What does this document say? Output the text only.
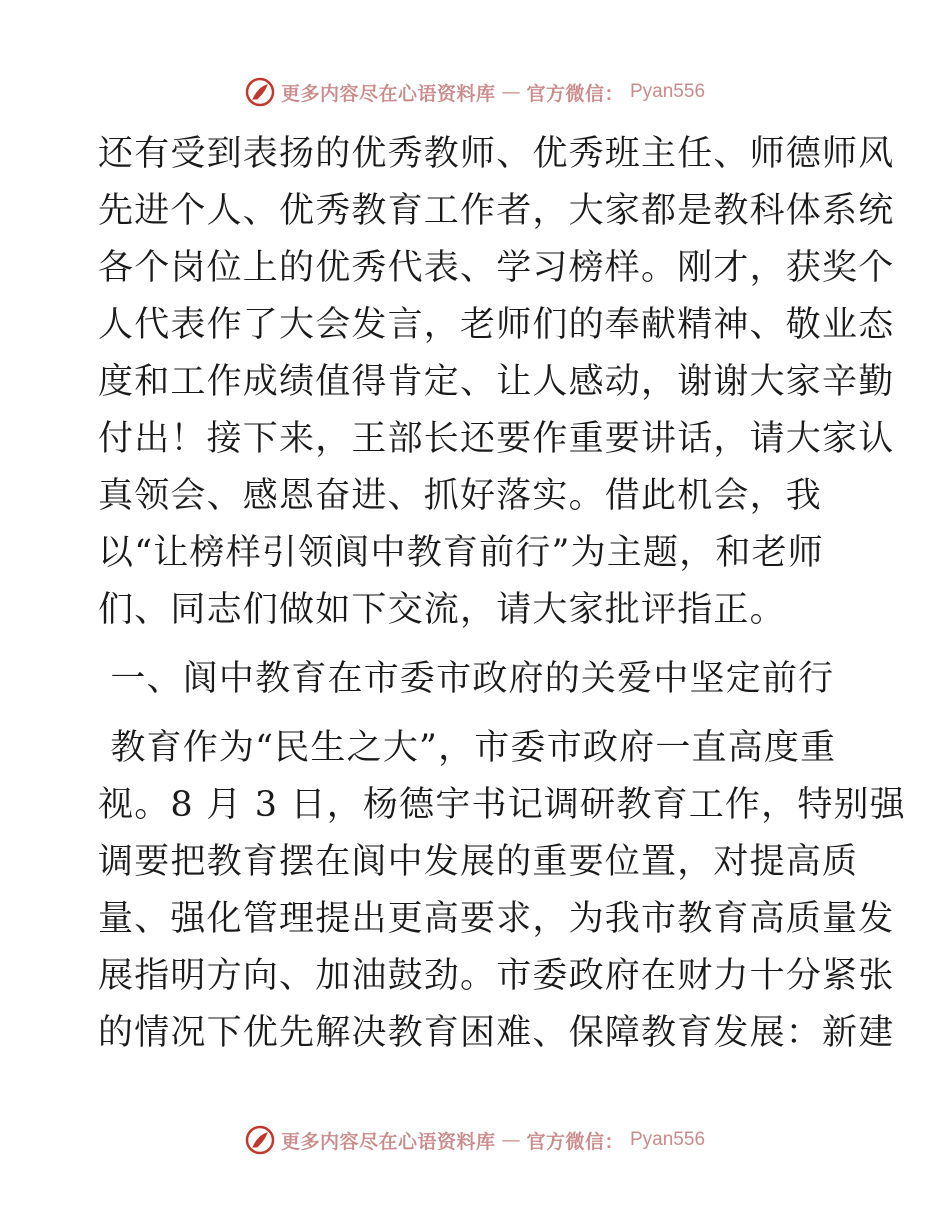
更多内容尽在心语资料库 — 官方微信： Pyan556
还有受到表扬的优秀教师、优秀班主任、师德师风
先进个人、优秀教育工作者，大家都是教科体系统
各个岗位上的优秀代表、学习榜样。刚才，获奖个
人代表作了大会发言，老师们的奉献精神、敬业态
度和工作成绩值得肯定、让人感动，谢谢大家辛勤
付出！接下来，王部长还要作重要讲话，请大家认
真领会、感恩奋进、抓好落实。借此机会，我
以“让榜样引领阆中教育前行”为主题，和老师
们、同志们做如下交流，请大家批评指正。
一、阆中教育在市委市政府的关爱中坚定前行
教育作为“民生之大”，市委市政府一直高度重
视。8 月 3 日，杨德宇书记调研教育工作，特别强
调要把教育摆在阆中发展的重要位置，对提高质
量、强化管理提出更高要求，为我市教育高质量发
展指明方向、加油鼓劲。市委政府在财力十分紧张
的情况下优先解决教育困难、保障教育发展：新建
更多内容尽在心语资料库 — 官方微信： Pyan556
